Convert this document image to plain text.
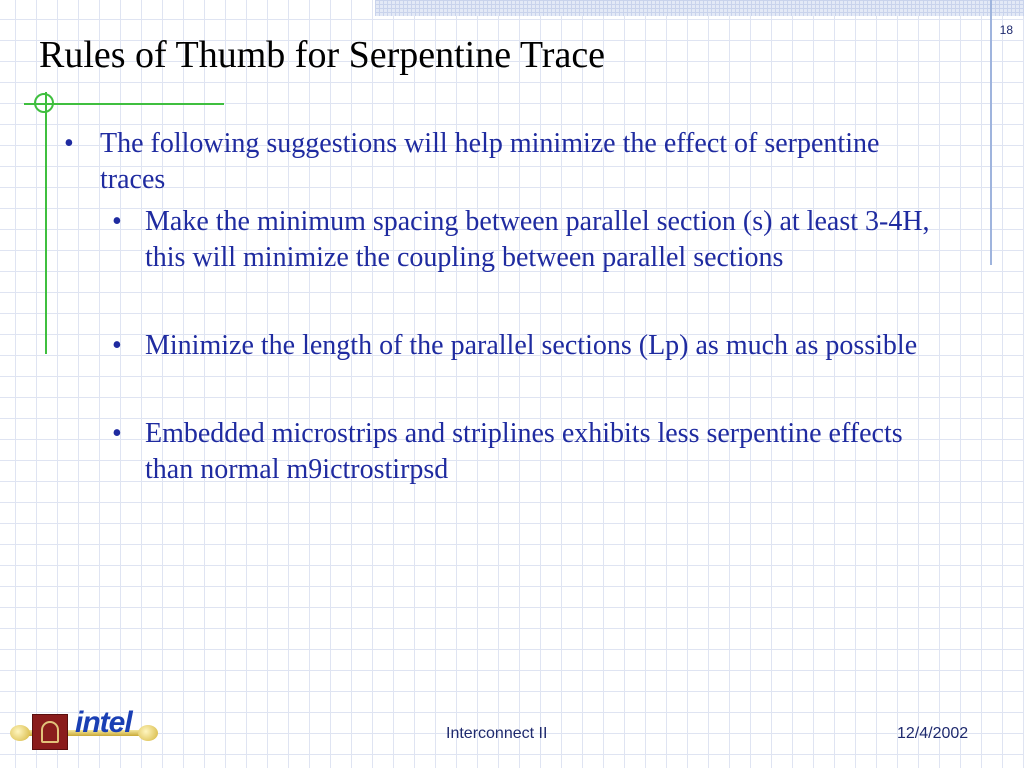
18
Rules of Thumb for Serpentine Trace

• The following suggestions will help minimize the effect of serpentine traces

• Make the minimum spacing between parallel section (s) at least 3-4H, this will minimize the coupling between parallel sections

• Minimize the length of the parallel sections (Lp) as much as possible

• Embedded microstrips and striplines exhibits less serpentine effects than normal m9ictrostirpsd

intel	Interconnect II	12/4/2002
